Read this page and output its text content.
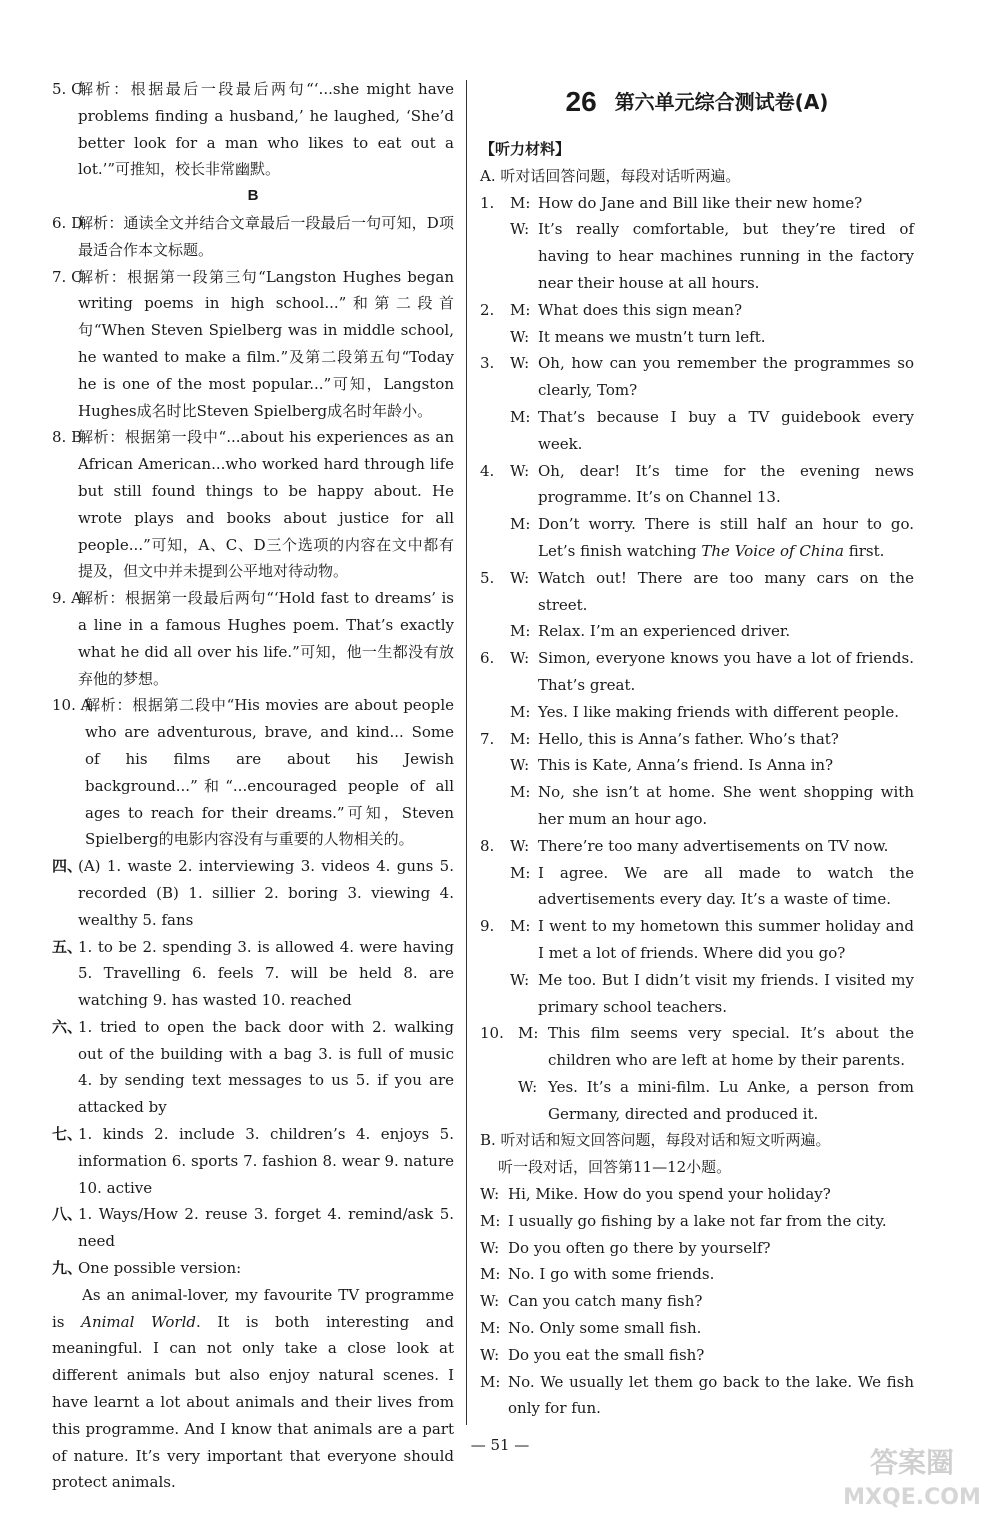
5. C
解析：根据最后一段最后两句“‘...she might have problems finding a husband,’ he laughed, ‘She’d better look for a man who likes to eat out a lot.’”可推知，校长非常幽默。
B
6. D
解析：通读全文并结合文章最后一段最后一句可知，D项最适合作本文标题。
7. C
解析：根据第一段第三句“Langston Hughes began writing poems in high school...”和第二段首句“When Steven Spielberg was in middle school, he wanted to make a film.”及第二段第五句“Today he is one of the most popular...”可知，Langston Hughes成名时比Steven Spielberg成名时年龄小。
8. B
解析：根据第一段中“...about his experiences as an African American...who worked hard through life but still found things to be happy about. He wrote plays and books about justice for all people...”可知，A、C、D三个选项的内容在文中都有提及，但文中并未提到公平地对待动物。
9. A
解析：根据第一段最后两句“‘Hold fast to dreams’ is a line in a famous Hughes poem. That’s exactly what he did all over his life.”可知，他一生都没有放弃他的梦想。
10. A
解析：根据第二段中“His movies are about people who are adventurous, brave, and kind... Some of his films are about his Jewish background...”和“...encouraged people of all ages to reach for their dreams.”可知，Steven Spielberg的电影内容没有与重要的人物相关的。
四、
(A) 1. waste 2. interviewing 3. videos 4. guns 5. recorded (B) 1. sillier 2. boring 3. viewing 4. wealthy 5. fans
五、
1. to be 2. spending 3. is allowed 4. were having 5. Travelling 6. feels 7. will be held 8. are watching 9. has wasted 10. reached
六、
1. tried to open the back door with 2. walking out of the building with a bag 3. is full of music 4. by sending text messages to us 5. if you are attacked by
七、
1. kinds 2. include 3. children’s 4. enjoys 5. information 6. sports 7. fashion 8. wear 9. nature 10. active
八、
1. Ways/How 2. reuse 3. forget 4. remind/ask 5. need
九、
One possible version:
As an animal-lover, my favourite TV programme is Animal World. It is both interesting and meaningful. I can not only take a close look at different animals but also enjoy natural scenes. I have learnt a lot about animals and their lives from this programme. And I know that animals are a part of nature. It’s very important that everyone should protect animals.
26 第六单元综合测试卷(A)
【听力材料】
A. 听对话回答问题，每段对话听两遍。
1. M: How do Jane and Bill like their new home?
W: It’s really comfortable, but they’re tired of having to hear machines running in the factory near their house at all hours.
2. M: What does this sign mean?
W: It means we mustn’t turn left.
3. W: Oh, how can you remember the programmes so clearly, Tom?
M: That’s because I buy a TV guidebook every week.
4. W: Oh, dear! It’s time for the evening news programme. It’s on Channel 13.
M: Don’t worry. There is still half an hour to go. Let’s finish watching The Voice of China first.
5. W: Watch out! There are too many cars on the street.
M: Relax. I’m an experienced driver.
6. W: Simon, everyone knows you have a lot of friends. That’s great.
M: Yes. I like making friends with different people.
7. M: Hello, this is Anna’s father. Who’s that?
W: This is Kate, Anna’s friend. Is Anna in?
M: No, she isn’t at home. She went shopping with her mum an hour ago.
8. W: There’re too many advertisements on TV now.
M: I agree. We are all made to watch the advertisements every day. It’s a waste of time.
9. M: I went to my hometown this summer holiday and I met a lot of friends. Where did you go?
W: Me too. But I didn’t visit my friends. I visited my primary school teachers.
10. M: This film seems very special. It’s about the children who are left at home by their parents.
W: Yes. It’s a mini-film. Lu Anke, a person from Germany, directed and produced it.
B. 听对话和短文回答问题，每段对话和短文听两遍。
听一段对话，回答第11—12小题。
W: Hi, Mike. How do you spend your holiday?
M: I usually go fishing by a lake not far from the city.
W: Do you often go there by yourself?
M: No. I go with some friends.
W: Can you catch many fish?
M: No. Only some small fish.
W: Do you eat the small fish?
M: No. We usually let them go back to the lake. We fish only for fun.
— 51 —
答案圈
MXQE.COM
